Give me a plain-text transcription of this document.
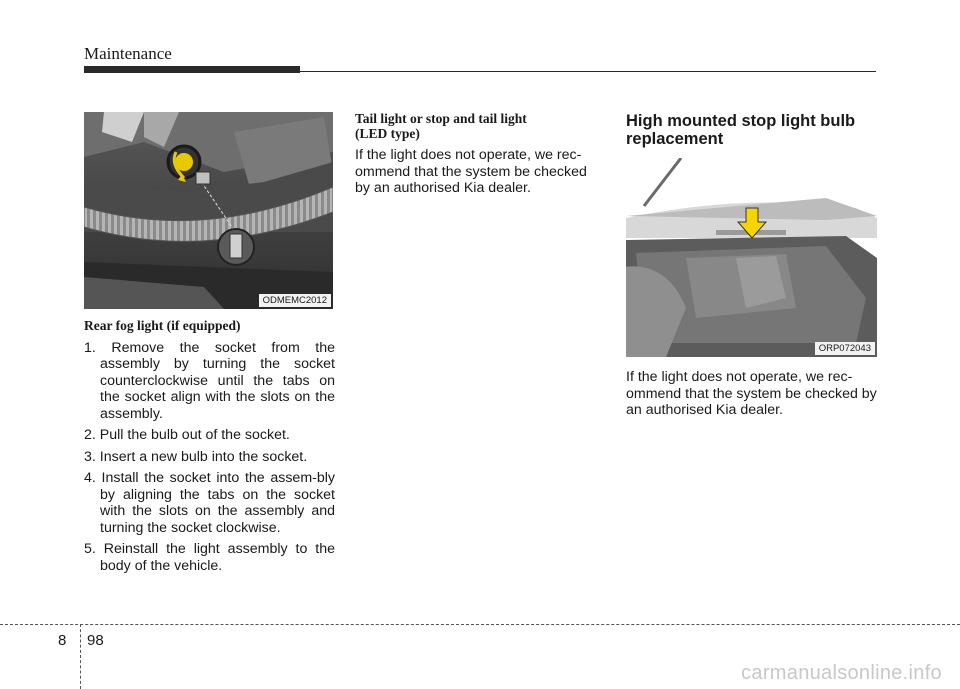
Maintenance
ODMEMC2012
Rear fog light (if equipped)
1. Remove the socket from the assembly by turning the socket counterclockwise until the tabs on the socket align with the slots on the assembly.
2. Pull the bulb out of the socket.
3. Insert a new bulb into the socket.
4. Install the socket into the assem-bly by aligning the tabs on the socket with the slots on the assembly and turning the socket clockwise.
5. Reinstall the light assembly to the body of the vehicle.
Tail light or stop and tail light
(LED type)

If the light does not operate, we rec-ommend that the system be checked by an authorised Kia dealer.

High mounted stop light bulb replacement
ORP072043

If the light does not operate, we rec-ommend that the system be checked by an authorised Kia dealer.

8 98
carmanualsonline.info
